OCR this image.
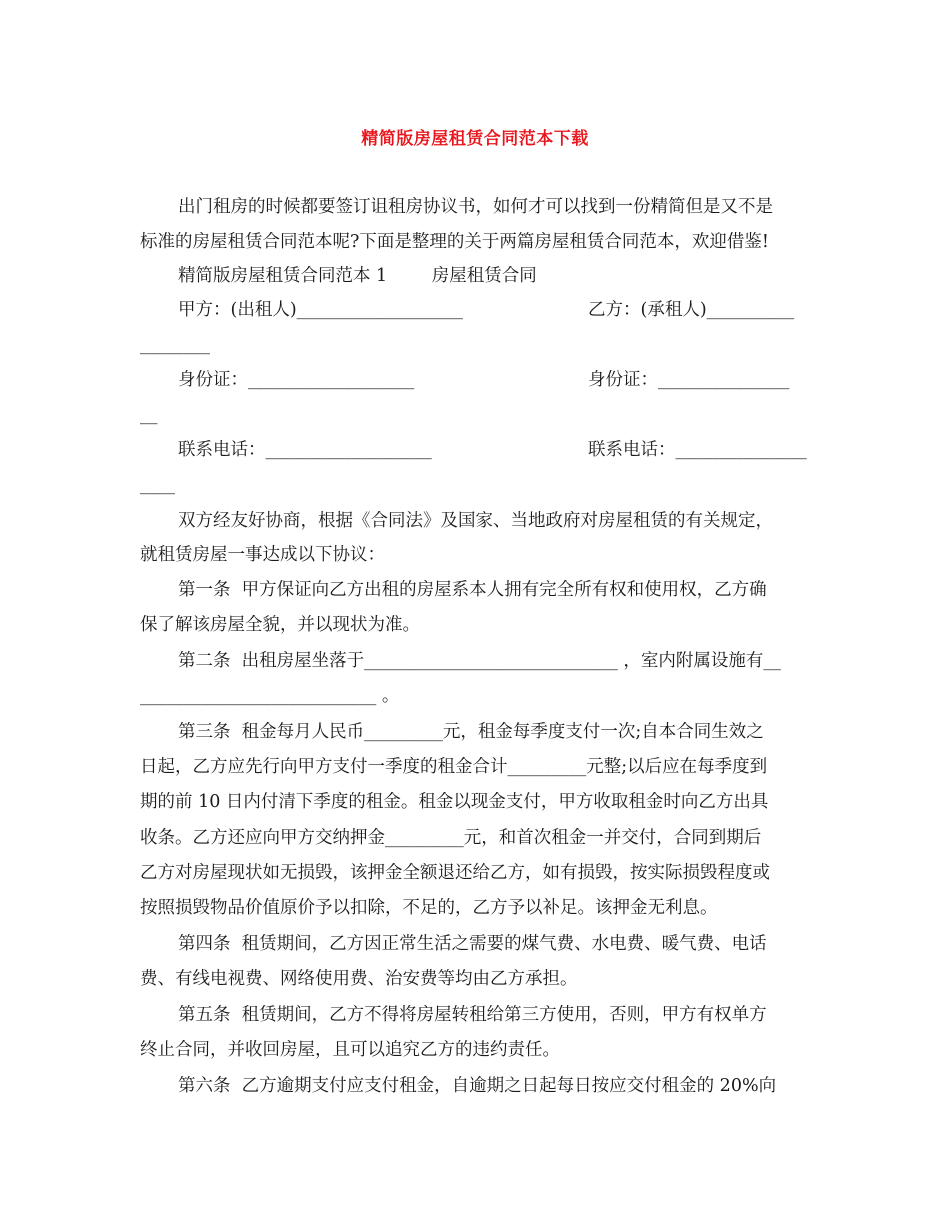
精简版房屋租赁合同范本下载
出门租房的时候都要签订诅租房协议书，如何才可以找到一份精简但是又不是
标准的房屋租赁合同范本呢?下面是整理的关于两篇房屋租赁合同范本，欢迎借鉴!
精简版房屋租赁合同范本 1        房屋租赁合同
甲方：(出租人)___________________	乙方：(承租人)__________
________
身份证：___________________	身份证：_______________
__
联系电话：___________________	联系电话：_______________
____
双方经友好协商，根据《合同法》及国家、当地政府对房屋租赁的有关规定，
就租赁房屋一事达成以下协议：
第一条  甲方保证向乙方出租的房屋系本人拥有完全所有权和使用权，乙方确
保了解该房屋全貌，并以现状为准。
第二条  出租房屋坐落于_____________________________ ，室内附属设施有__
___________________________ 。
第三条  租金每月人民币_________元，租金每季度支付一次;自本合同生效之
日起，乙方应先行向甲方支付一季度的租金合计_________元整;以后应在每季度到
期的前 10 日内付清下季度的租金。租金以现金支付，甲方收取租金时向乙方出具
收条。乙方还应向甲方交纳押金_________元，和首次租金一并交付，合同到期后
乙方对房屋现状如无损毁，该押金全额退还给乙方，如有损毁，按实际损毁程度或
按照损毁物品价值原价予以扣除，不足的，乙方予以补足。该押金无利息。
第四条  租赁期间，乙方因正常生活之需要的煤气费、水电费、暖气费、电话
费、有线电视费、网络使用费、治安费等均由乙方承担。
第五条  租赁期间，乙方不得将房屋转租给第三方使用，否则，甲方有权单方
终止合同，并收回房屋，且可以追究乙方的违约责任。
第六条  乙方逾期支付应支付租金，自逾期之日起每日按应交付租金的 20%向
